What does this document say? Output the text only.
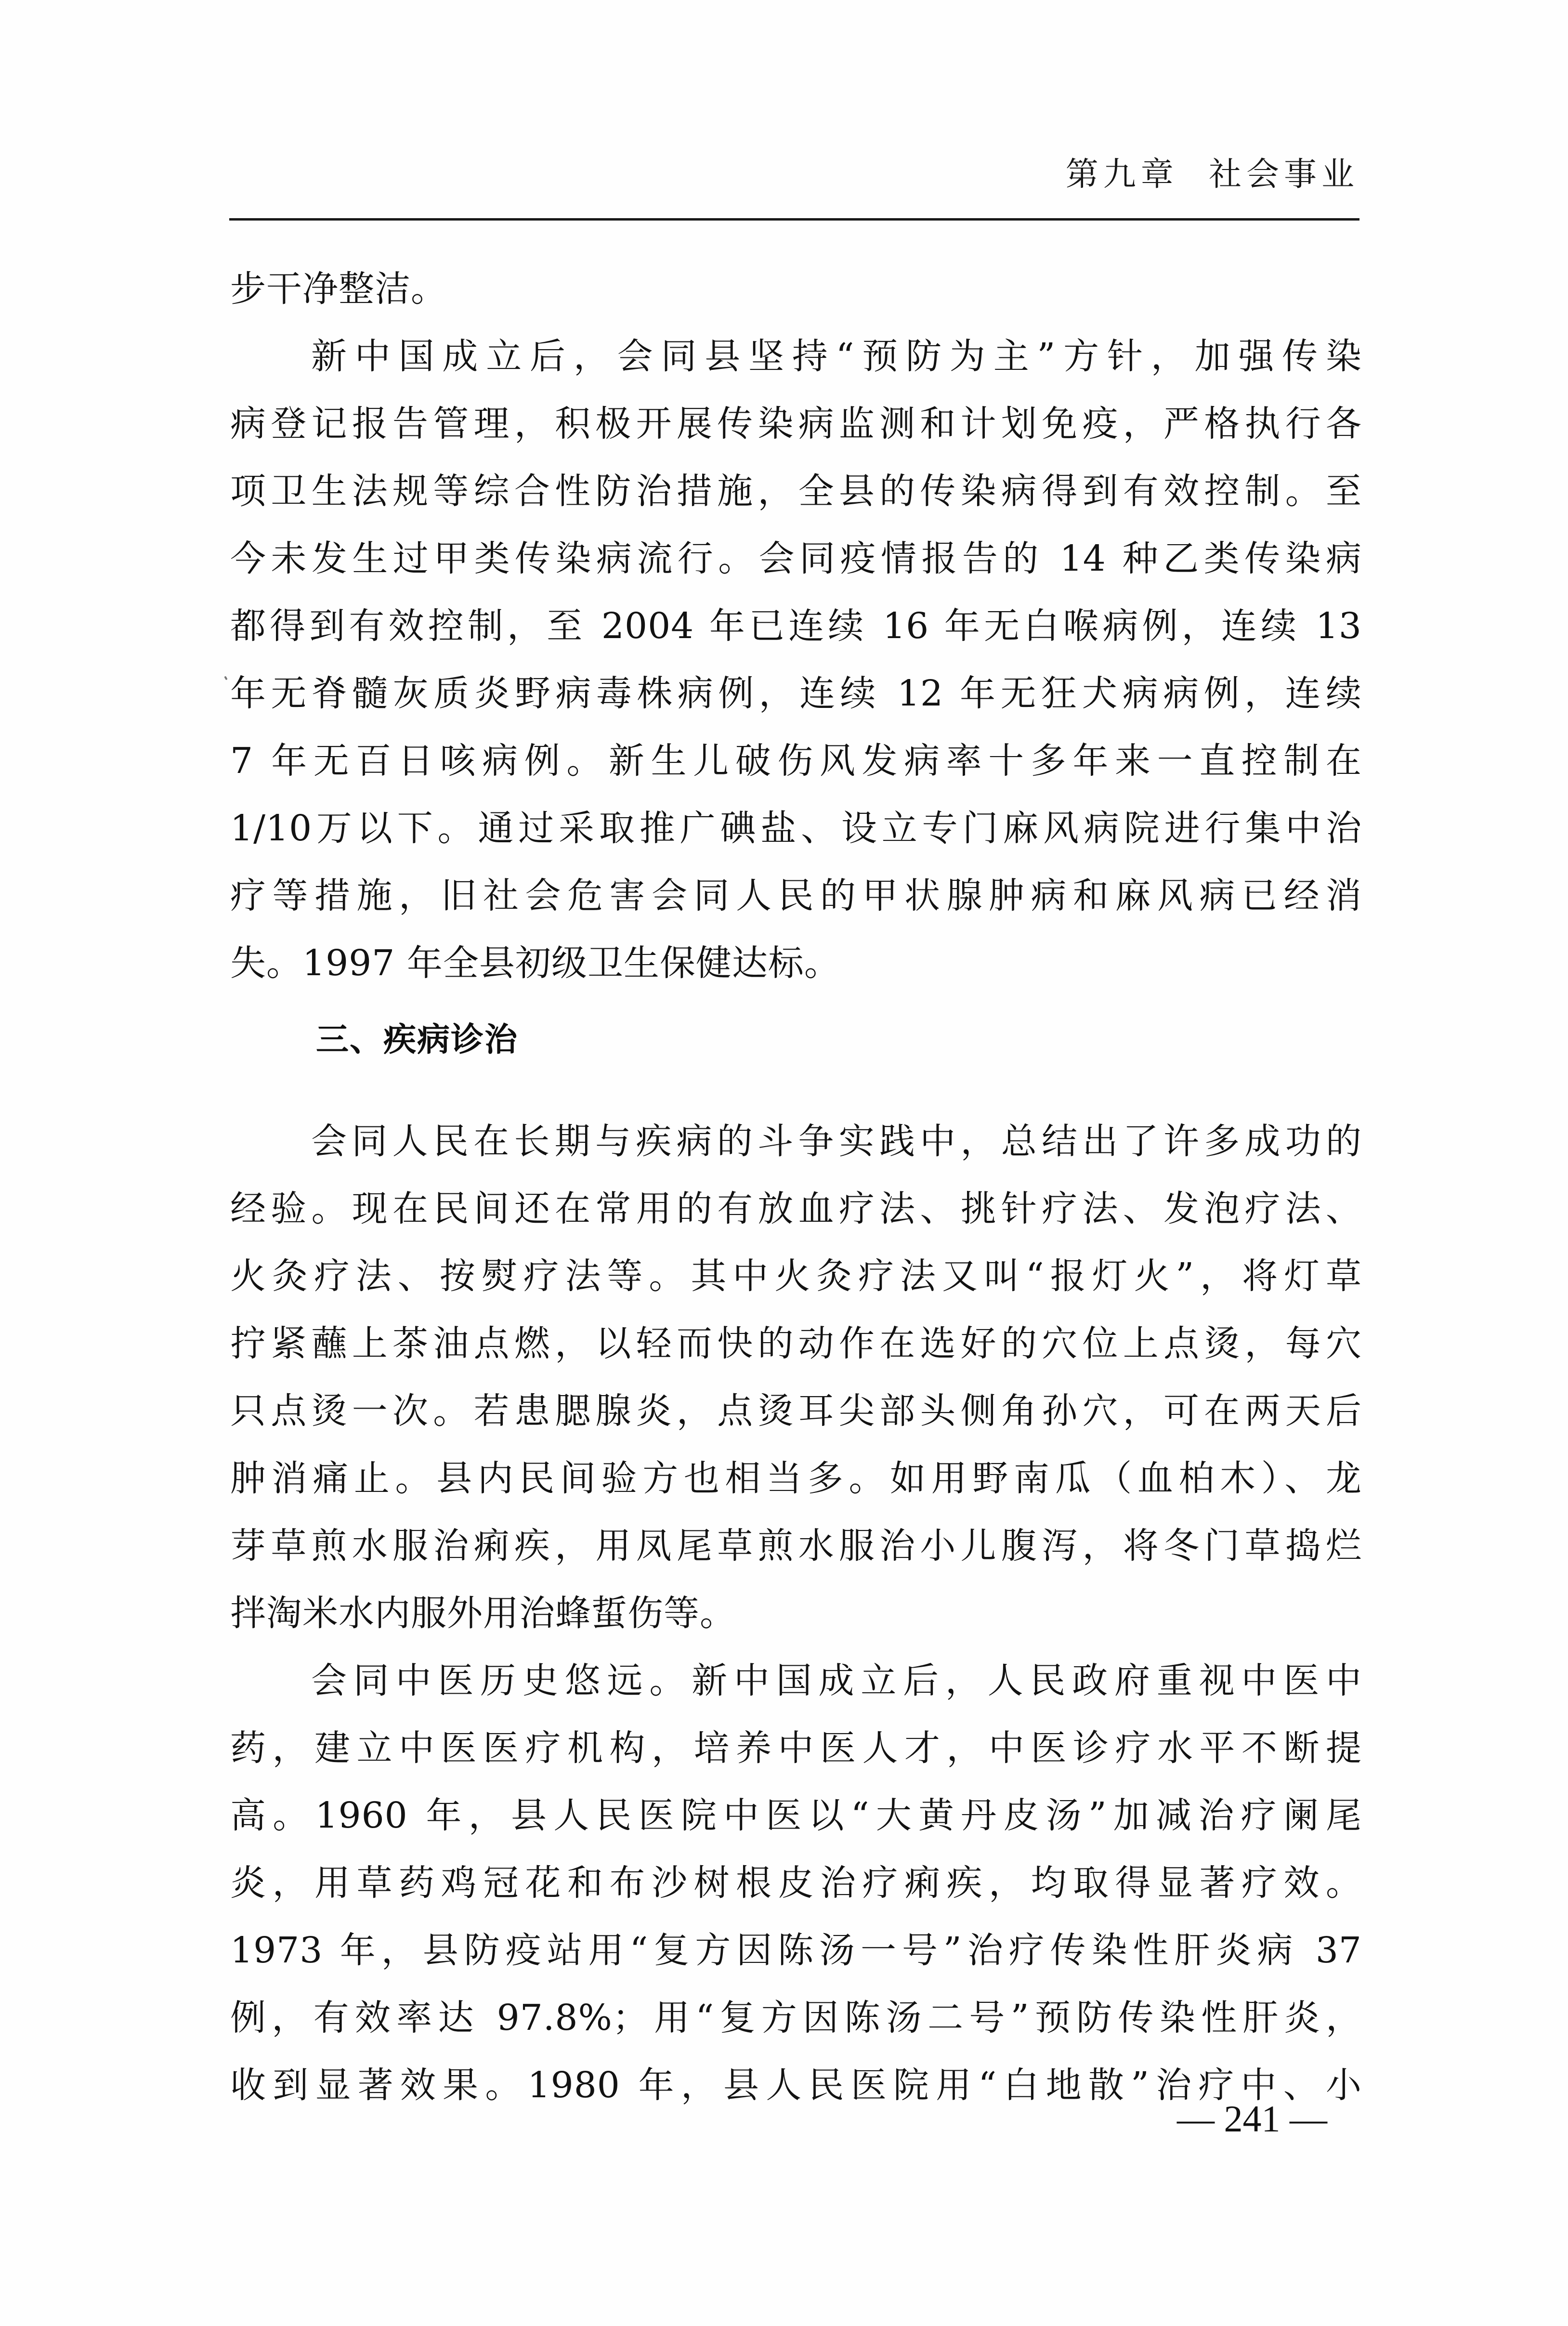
第九章  社会事业
步干净整洁。
新中国成立后，会同县坚持“预防为主”方针，加强传染
病登记报告管理，积极开展传染病监测和计划免疫，严格执行各
项卫生法规等综合性防治措施，全县的传染病得到有效控制。至
今未发生过甲类传染病流行。会同疫情报告的 14 种乙类传染病
都得到有效控制，至 2004 年已连续 16 年无白喉病例，连续 13
年无脊髓灰质炎野病毒株病例，连续 12 年无狂犬病病例，连续
7 年无百日咳病例。新生儿破伤风发病率十多年来一直控制在
1/10万以下。通过采取推广碘盐、设立专门麻风病院进行集中治
疗等措施，旧社会危害会同人民的甲状腺肿病和麻风病已经消
失。1997 年全县初级卫生保健达标。
三、疾病诊治
会同人民在长期与疾病的斗争实践中，总结出了许多成功的
经验。现在民间还在常用的有放血疗法、挑针疗法、发泡疗法、
火灸疗法、按熨疗法等。其中火灸疗法又叫“报灯火”，将灯草
拧紧蘸上茶油点燃，以轻而快的动作在选好的穴位上点烫，每穴
只点烫一次。若患腮腺炎，点烫耳尖部头侧角孙穴，可在两天后
肿消痛止。县内民间验方也相当多。如用野南瓜（血柏木）、龙
芽草煎水服治痢疾，用凤尾草煎水服治小儿腹泻，将冬门草捣烂
拌淘米水内服外用治蜂蜇伤等。
会同中医历史悠远。新中国成立后，人民政府重视中医中
药，建立中医医疗机构，培养中医人才，中医诊疗水平不断提
高。1960 年，县人民医院中医以“大黄丹皮汤”加减治疗阑尾
炎，用草药鸡冠花和布沙树根皮治疗痢疾，均取得显著疗效。
1973 年，县防疫站用“复方因陈汤一号”治疗传染性肝炎病 37
例，有效率达 97.8%；用“复方因陈汤二号”预防传染性肝炎，
收到显著效果。1980 年，县人民医院用“白地散”治疗中、小
— 241 —
